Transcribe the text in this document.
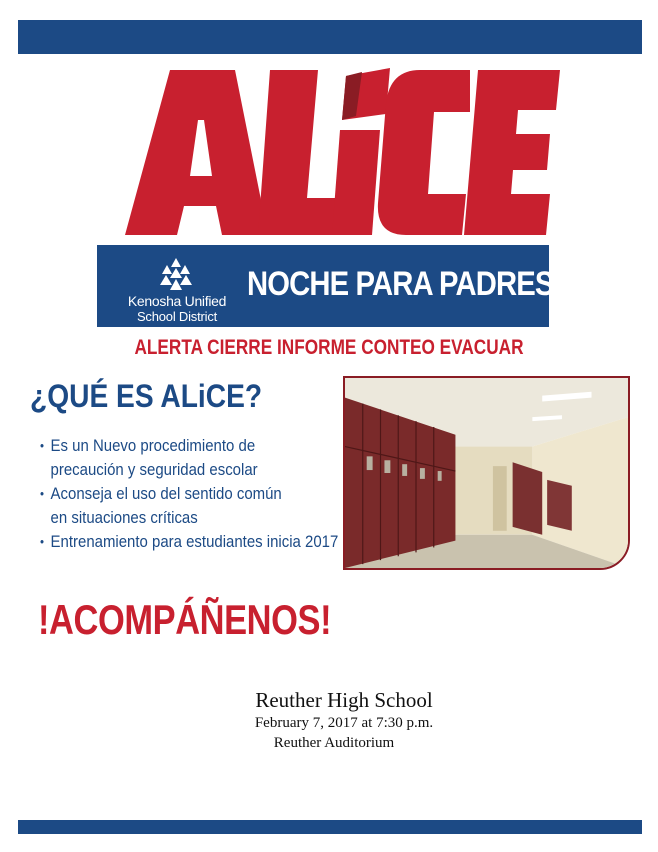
Kenosha Unified
School District
NOCHE PARA PADRES
ALERTA CIERRE INFORME CONTEO EVACUAR
¿QUÉ ES ALiCE?
• Es un Nuevo procedimiento de
precaución y seguridad escolar
• Aconseja el uso del sentido común
en situaciones críticas
• Entrenamiento para estudiantes inicia 2017
!ACOMPÁÑENOS!
Reuther High School
February 7, 2017 at 7:30 p.m.
Reuther Auditorium
